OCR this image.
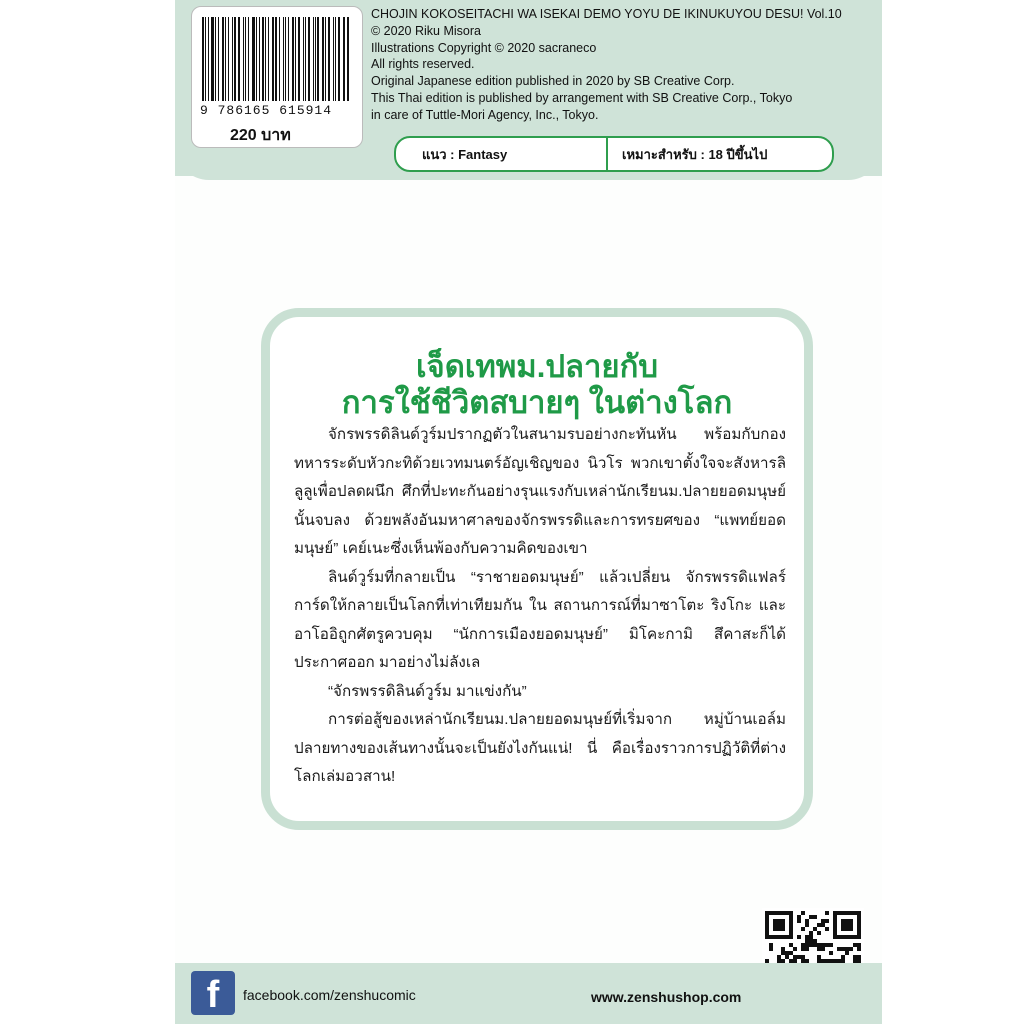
9 786165 615914
220 บาท
CHOJIN KOKOSEITACHI WA ISEKAI DEMO YOYU DE IKINUKUYOU DESU! Vol.10
© 2020 Riku Misora
Illustrations Copyright © 2020 sacraneco
All rights reserved.
Original Japanese edition published in 2020 by SB Creative Corp.
This Thai edition is published by arrangement with SB Creative Corp., Tokyo
in care of Tuttle-Mori Agency, Inc., Tokyo.
แนว : Fantasy	เหมาะสำหรับ : 18 ปีขึ้นไป
เจ็ดเทพม.ปลายกับ
การใช้ชีวิตสบายๆ ในต่างโลก

จักรพรรดิลินด์วูร์มปรากฏตัวในสนามรบอย่างกะทันหัน พร้อมกับกองทหารระดับหัวกะทิด้วยเวทมนตร์อัญเชิญของ นิวโร พวกเขาตั้งใจจะสังหารลิลูลูเพื่อปลดผนึก ศึกที่ปะทะกันอย่างรุนแรงกับเหล่านักเรียนม.ปลายยอดมนุษย์นั้นจบลง ด้วยพลังอันมหาศาลของจักรพรรดิและการทรยศของ “แพทย์ยอดมนุษย์” เคย์เนะซึ่งเห็นพ้องกับความคิดของเขา

ลินด์วูร์มที่กลายเป็น “ราชายอดมนุษย์” แล้วเปลี่ยน จักรพรรดิแฟลร์การ์ดให้กลายเป็นโลกที่เท่าเทียมกัน ใน สถานการณ์ที่มาซาโตะ ริงโกะ และอาโออิถูกศัตรูควบคุม “นักการเมืองยอดมนุษย์” มิโคะกามิ สึคาสะก็ได้ประกาศออก มาอย่างไม่ลังเล

“จักรพรรดิลินด์วูร์ม มาแข่งกัน”

การต่อสู้ของเหล่านักเรียนม.ปลายยอดมนุษย์ที่เริ่มจาก หมู่บ้านเอล์ม ปลายทางของเส้นทางนั้นจะเป็นยังไงกันแน่! นี่ คือเรื่องราวการปฏิวัติที่ต่างโลกเล่มอวสาน!

f	facebook.com/zenshucomic	www.zenshushop.com
